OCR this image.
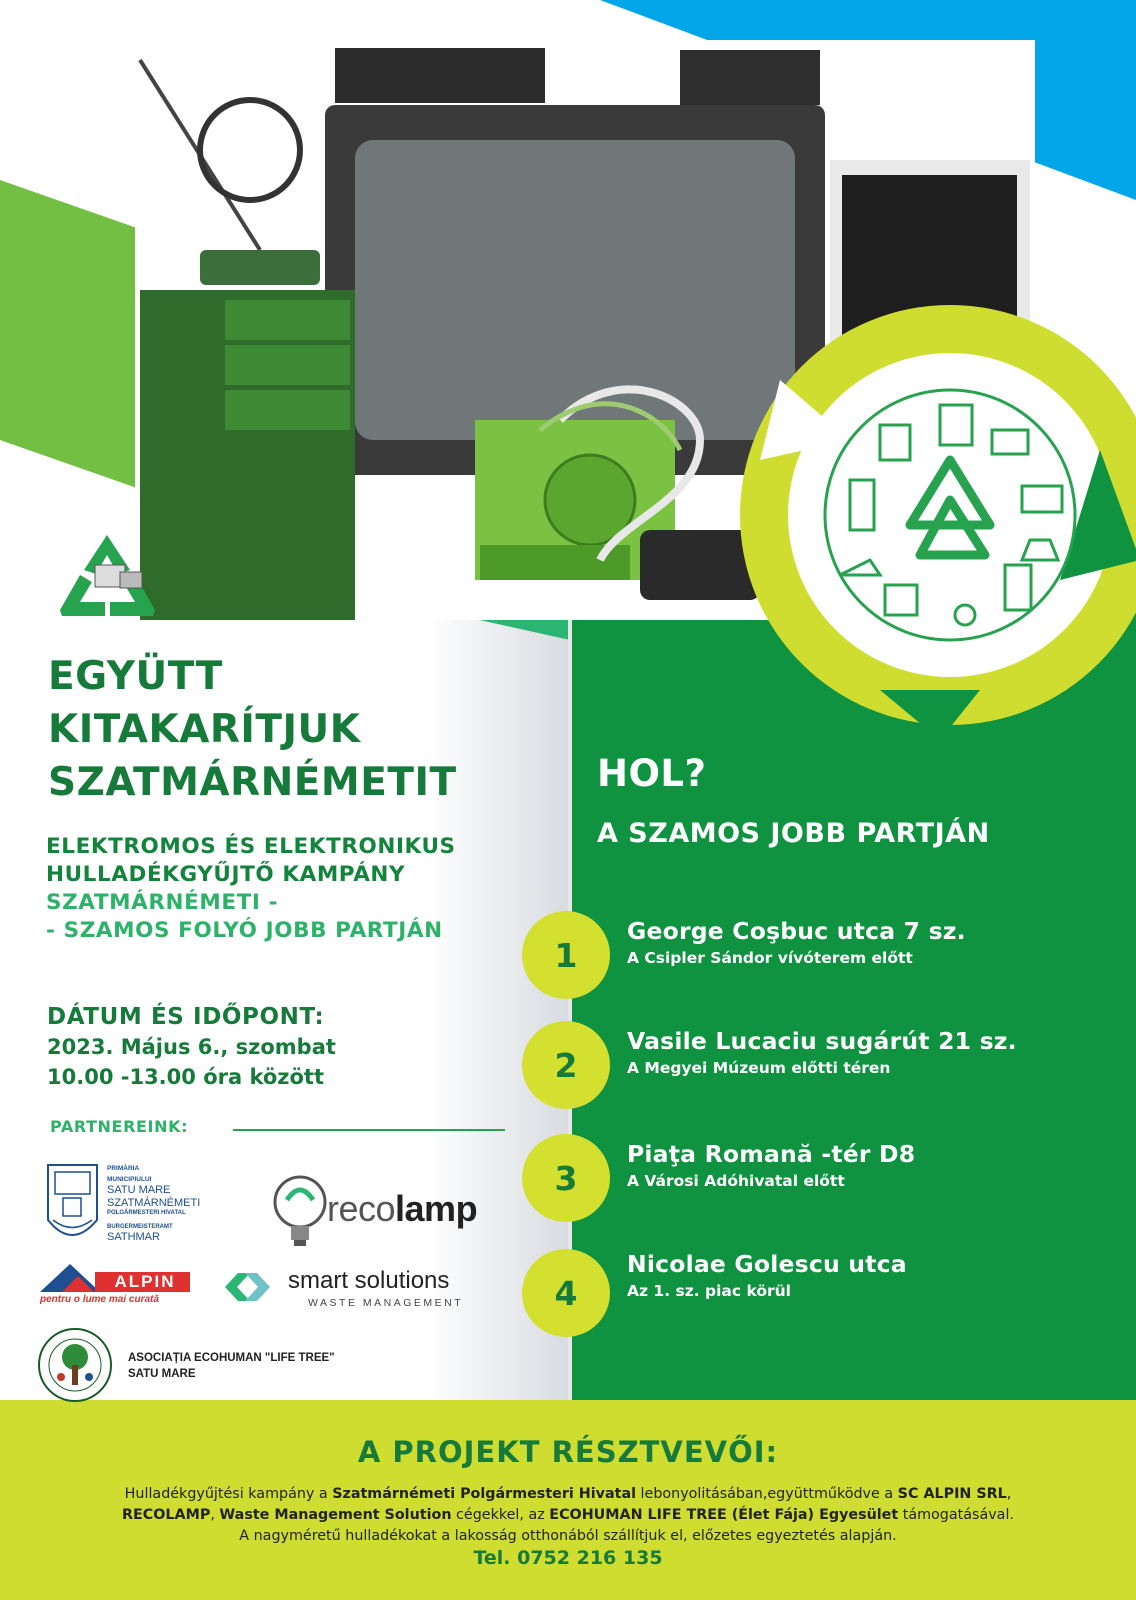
EGYÜTT
KITAKARÍTJUK
SZATMÁRNÉMETIT
ELEKTROMOS ÉS ELEKTRONIKUS
HULLADÉKGYŰJTŐ KAMPÁNY
SZATMÁRNÉMETI -
- SZAMOS FOLYÓ JOBB PARTJÁN
DÁTUM ÉS IDŐPONT:
2023. Május 6., szombat
10.00 -13.00 óra között
PARTNEREINK:
PRIMĂRIA
MUNICIPIULUI
SATU MARE
SZATMÁRNÉMETI
POLGÁRMESTERI HIVATAL
BURGERMEISTERAMT
SATHMAR
recolamp
ALPIN
pentru o lume mai curată
smart solutions
WASTE MANAGEMENT
ASOCIAȚIA ECOHUMAN "LIFE TREE"
SATU MARE
HOL?
A SZAMOS JOBB PARTJÁN
1
George Coşbuc utca 7 sz.
A Csipler Sándor vívóterem előtt
2
Vasile Lucaciu sugárút 21 sz.
A Megyei Múzeum előtti téren
3
Piaţa Romană -tér D8
A Városi Adóhivatal előtt
4
Nicolae Golescu utca
Az 1. sz. piac körül
A PROJEKT RÉSZTVEVŐI:
Hulladékgyűjtési kampány a Szatmárnémeti Polgármesteri Hivatal lebonyolitásában,együttműködve a SC ALPIN SRL,
RECOLAMP, Waste Management Solution cégekkel, az ECOHUMAN LIFE TREE (Élet Fája) Egyesület támogatásával.
A nagyméretű hulladékokat a lakosság otthonából szállítjuk el, előzetes egyeztetés alapján.
Tel. 0752 216 135
